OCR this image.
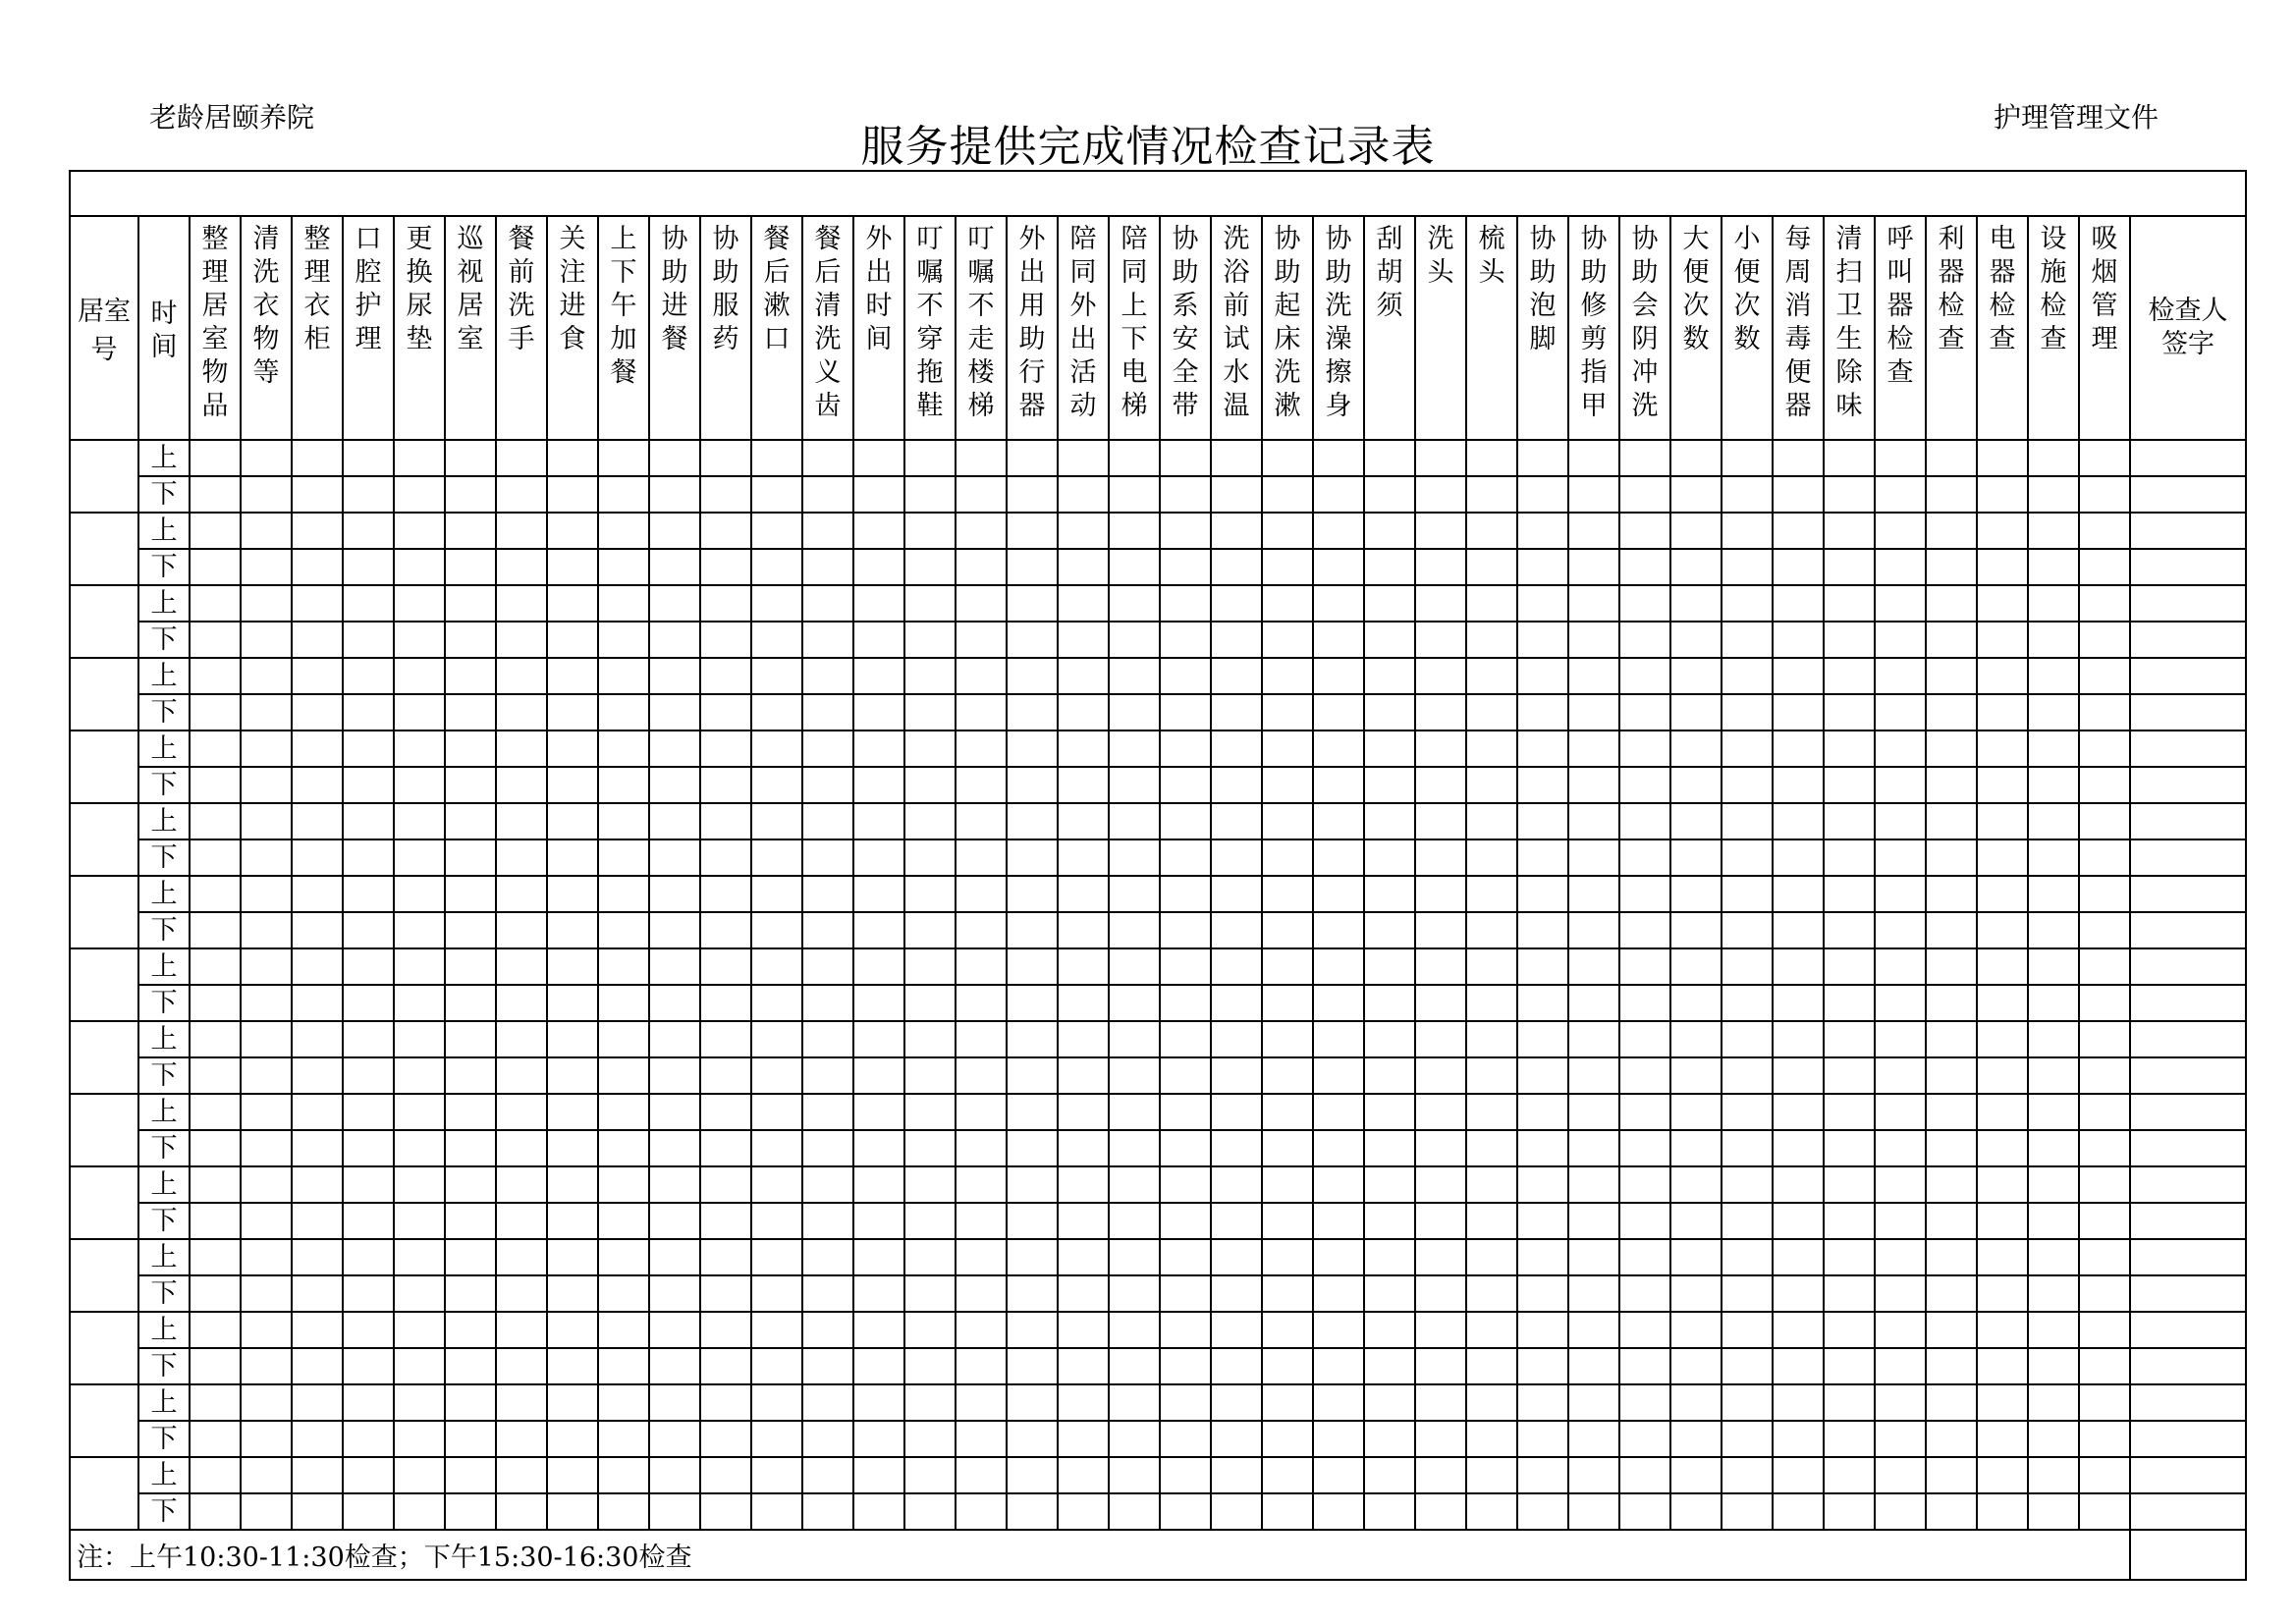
老龄居颐养院	护理管理文件
服务提供完成情况检查记录表

居室号	时间	整理居室物品	清洗衣物等	整理衣柜	口腔护理	更换尿垫	巡视居室	餐前洗手	关注进食	上下午加餐	协助进餐	协助服药	餐后漱口	餐后清洗义齿	外出时间	叮嘱不穿拖鞋	叮嘱不走楼梯	外出用助行器	陪同外出活动	陪同上下电梯	协助系安全带	洗浴前试水温	协助起床洗漱	协助洗澡擦身	刮胡须	洗头	梳头	协助泡脚	协助修剪指甲	协助会阴冲洗	大便次数	小便次数	每周消毒便器	清扫卫生除味	呼叫器检查	利器检查	电器检查	设施检查	吸烟管理	检查人签字
	上																																							
	下																																							
	上																																							
	下																																							
	上																																							
	下																																							
	上																																							
	下																																							
	上																																							
	下																																							
	上																																							
	下																																							
	上																																							
	下																																							
	上																																							
	下																																							
	上																																							
	下																																							
	上																																							
	下																																							
	上																																							
	下																																							
	上																																							
	下																																							
	上																																							
	下																																							
	上																																							
	下																																							
	上																																							
	下																																							
注：上午10:30-11:30检查；下午15:30-16:30检查																																								
